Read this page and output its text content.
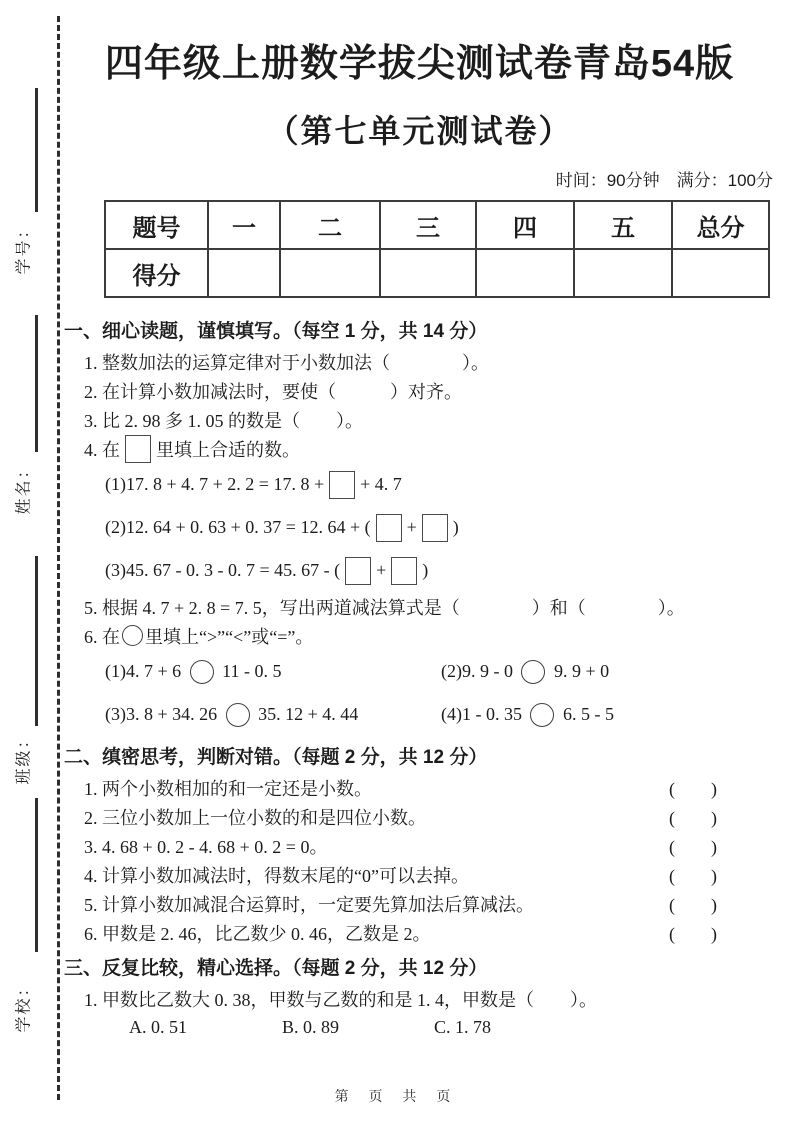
学号：
姓名：
班级：
学校：
四年级上册数学拔尖测试卷青岛54版
（第七单元测试卷）
时间：90分钟　满分：100分
题号	一	二	三	四	五	总分
得分						
一、细心读题，谨慎填写。（每空 1 分，共 14 分）
1. 整数加法的运算定律对于小数加法（　　　　）。
2. 在计算小数加减法时，要使（　　　）对齐。
3. 比 2. 98 多 1. 05 的数是（　　）。
4. 在 里填上合适的数。
(1)17. 8 + 4. 7 + 2. 2 = 17. 8 + + 4. 7
(2)12. 64 + 0. 63 + 0. 37 = 12. 64 + ( + )
(3)45. 67 - 0. 3 - 0. 7 = 45. 67 - ( + )
5. 根据 4. 7 + 2. 8 = 7. 5，写出两道减法算式是（　　　　）和（　　　　）。
6. 在 里填上“>”“<”或“=”。
(1)4. 7 + 6 11 - 0. 5	(2)9. 9 - 0 9. 9 + 0
(3)3. 8 + 34. 26 35. 12 + 4. 44	(4)1 - 0. 35 6. 5 - 5
二、缜密思考，判断对错。（每题 2 分，共 12 分）
1. 两个小数相加的和一定还是小数。	(　　)
2. 三位小数加上一位小数的和是四位小数。	(　　)
3. 4. 68 + 0. 2 - 4. 68 + 0. 2 = 0。	(　　)
4. 计算小数加减法时，得数末尾的“0”可以去掉。	(　　)
5. 计算小数加减混合运算时，一定要先算加法后算减法。	(　　)
6. 甲数是 2. 46，比乙数少 0. 46，乙数是 2。	(　　)
三、反复比较，精心选择。（每题 2 分，共 12 分）
1. 甲数比乙数大 0. 38，甲数与乙数的和是 1. 4，甲数是（　　）。
A. 0. 51	B. 0. 89	C. 1. 78
第 页 共 页
